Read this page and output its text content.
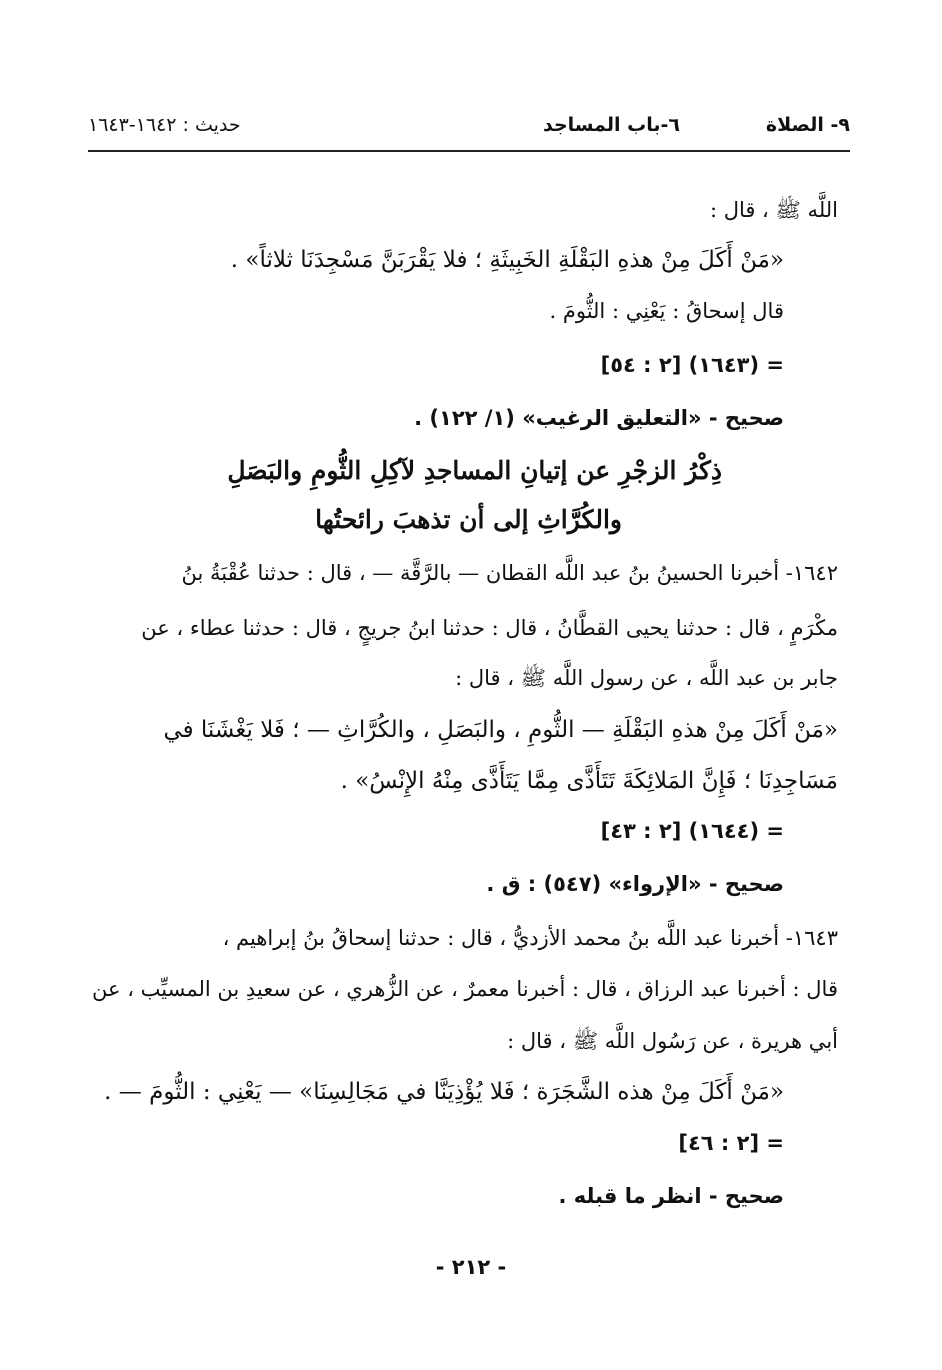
٩- الصلاة
٦-باب المساجد
حديث : ١٦٤٢-١٦٤٣
اللَّه ﷺ ، قال :
«مَنْ أَكَلَ مِنْ هذهِ البَقْلَةِ الخَبِيثَةِ ؛ فلا يَقْرَبَنَّ مَسْجِدَنَا ثلاثاً» .
قال إسحاقُ : يَعْنِي : الثُّومَ .
= (١٦٤٣) [٢ : ٥٤]
صحيح - «التعليق الرغيب» (١/ ١٢٢) .
ذِكْرُ الزجْرِ عن إتيانِ المساجدِ لآكِلِ الثُّومِ والبَصَلِ
والكُرَّاثِ إلى أن تذهبَ رائحتُها
١٦٤٢- أخبرنا الحسينُ بنُ عبد اللَّه القطان — بالرَّقَّة — ، قال : حدثنا عُقْبَةُ بنُ
مكْرَمٍ ، قال : حدثنا يحيى القطَّانُ ، قال : حدثنا ابنُ جريجٍ ، قال : حدثنا عطاء ، عن
جابر بن عبد اللَّه ، عن رسول اللَّه ﷺ ، قال :
«مَنْ أَكَلَ مِنْ هذهِ البَقْلَةِ — الثُّومِ ، والبَصَلِ ، والكُرَّاثِ — ؛ فَلا يَغْشَنَا في
مَسَاجِدِنَا ؛ فَإِنَّ المَلائِكَةَ تَتَأَذَّى مِمَّا يَتَأَذَّى مِنْهُ الإِنْسُ» .
= (١٦٤٤) [٢ : ٤٣]
صحيح - «الإرواء» (٥٤٧) : ق .
١٦٤٣- أخبرنا عبد اللَّه بنُ محمد الأزديُّ ، قال : حدثنا إسحاقُ بنُ إبراهيم ،
قال : أخبرنا عبد الرزاق ، قال : أخبرنا معمرٌ ، عن الزُّهري ، عن سعيدِ بن المسيِّب ، عن
أبي هريرة ، عن رَسُول اللَّه ﷺ ، قال :
«مَنْ أَكَلَ مِنْ هذه الشَّجَرَة ؛ فَلا يُؤْذِيَنَّا في مَجَالِسِنَا» — يَعْنِي : الثُّومَ — .
= [٢ : ٤٦]
صحيح - انظر ما قبله .
- ٢١٢ -
